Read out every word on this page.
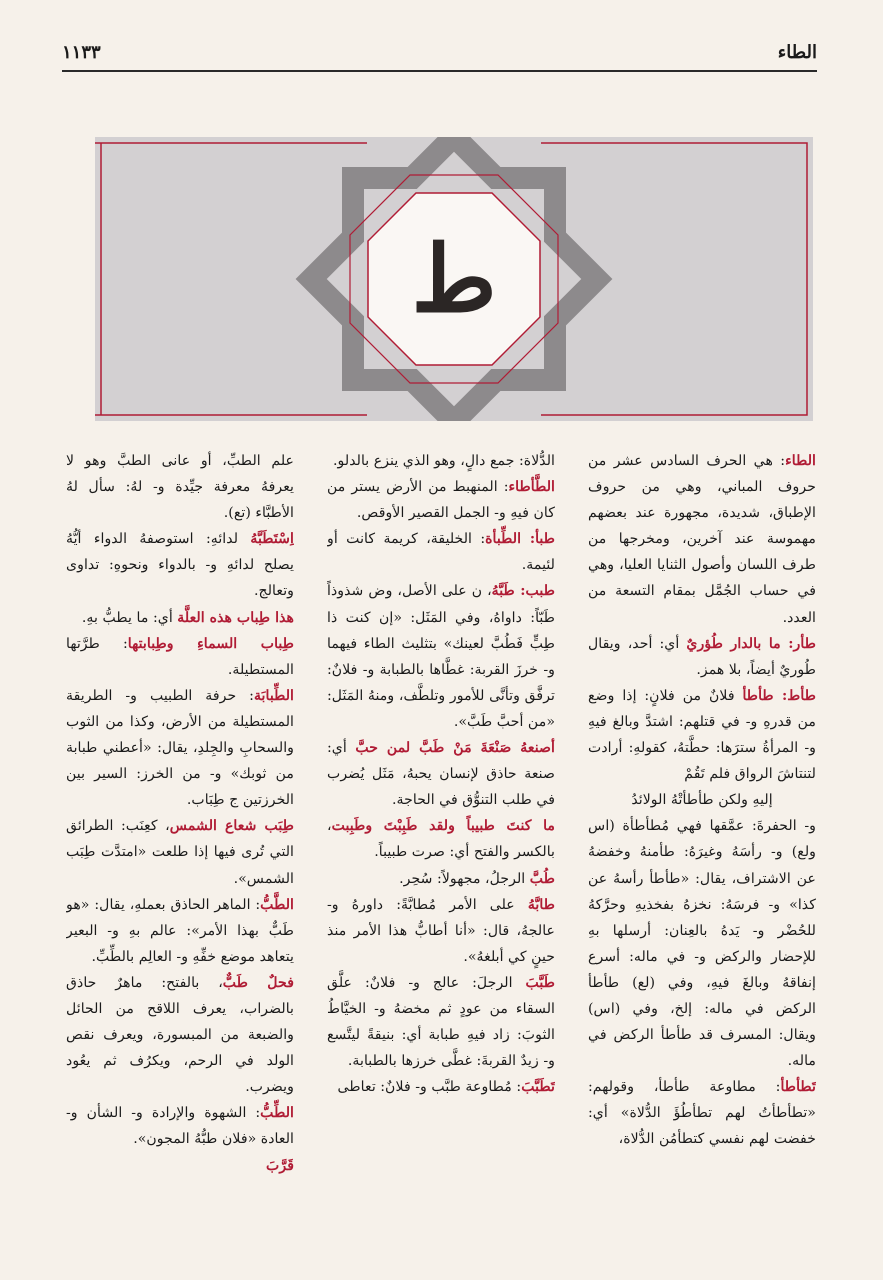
الطاء
١١٣٣
ط

الطاء: هي الحرف السادس عشر من حروف المباني، وهي من حروف الإطباق، شديدة، مجهورة عند بعضهم مهموسة عند آخرين، ومخرجها من طرف اللسان وأصول الثنايا العليا، وهي في حساب الجُمَّل بمقام التسعة من العدد.

طأر: ما بالدار طُؤريٌ أي: أحد، ويقال طُوريٌ أيضاً، بلا همز.

طأط: طأطأ فلانٌ من فلانٍ: إذا وضع من قدرهِ و- في قتلهم: اشتدَّ وبالغ فيهِ و- المرأةُ سترَها: حطَّتهُ، كقولهِ: أرادت لتنتاشَ الرواق فلم تَقُمْ

إليهِ ولكن طأطأتْهُ الولائدُ

و- الحفرةَ: عمَّقها فهي مُطأطأة (اس ولع) و- رأسَهُ وغيرَهُ: طأمنهُ وخفضهُ عن الاشتراف، يقال: «طأطأ رأسهُ عن كذا» و- فرسَهُ: نخزهُ بفخذيهِ وحرَّكهُ للحُضْر و- يَدهُ بالعِنان: أرسلها بهِ للإحضار والركض و- في ماله: أسرع إنفاقهُ وبالغَ فيهِ، وفي (لع) طأطأ الركض في ماله: إلخ، وفي (اس) ويقال: المسرف قد طأطأ الركض في ماله.

تَطأطأ: مطاوعة طأطأ، وقولهم: «تطأطأتُ لهم تطأطُؤَ الدُّلاة» أي: خفضت لهم نفسي كتطأمُن الدُّلاة،

الدُّلاة: جمع دالٍ، وهو الذي ينزع بالدلو.

الطَّأطاء: المنهبط من الأرض يستر من كان فيهِ و- الجمل القصير الأوقص.

طبأ: الطِّبأة: الخليقة، كريمة كانت أو لئيمة.

طبب: طَبَّهُ، ن على الأصل، وض شذوذاً طَبّاً: داواهُ، وفي المَثَل: «إن كنت ذا طِبٍّ فَطُبَّ لعينك» بتثليث الطاء فيهما و- خرزَ القربة: غطَّاها بالطبابة و- فلانٌ: ترفَّق وتأنَّى للأمور وتلطَّف، ومنهُ المَثَل: «من أحبَّ طَبَّ».

أصنعهُ صَنْعَةَ مَنْ طَبَّ لمن حبَّ أي: صنعة حاذق لإنسان يحبهُ، مَثَل يُضرب في طلب التنوُّق في الحاجة.

ما كنتَ طبيباً ولقد طَبِبْتَ وطَبِبت، بالكسر والفتح أي: صرت طبيباً.

طُبَّ الرجلُ، مجهولاً: سُحِر.

طابَّهُ على الأمر مُطابَّةً: داورهُ و- عالجهُ، قال: «أنا أطابُّ هذا الأمر منذ حينٍ كي أبلغهُ».

طَبَّبَ الرجلَ: عالج و- فلانٌ: علَّق السقاء من عودٍ ثم مخضهُ و- الخيَّاطُ الثوبَ: زاد فيهِ طبابة أي: بنيقةً ليتَّسع و- زيدٌ القربةَ: غطَّى خرزها بالطبابة.

تَطَبَّبَ: مُطاوعة طبَّب و- فلانٌ: تعاطى

علم الطبِّ، أو عانى الطبَّ وهو لا يعرفهُ معرفة جيِّدة و- لهُ: سأل لهُ الأطبَّاء (تع).

اِسْتَطَبَّهُ لدائهِ: استوصفهُ الدواء أيُّهُ يصلح لدائهِ و- بالدواء ونحوهِ: تداوى وتعالج.

هذا طِباب هذه العلَّة أي: ما يطبُّ بهِ.

طِباب السماءِ وطِبابتها: طرَّتها المستطيلة.

الطِّبابَة: حرفة الطبيب و- الطريقة المستطيلة من الأرض، وكذا من الثوب والسحابِ والجِلدِ، يقال: «أعطني طبابة من ثوبك» و- من الخرز: السير بين الخرزتين ج طِبَاب.

طِبَب شعاع الشمس، كعِنَب: الطرائق التي تُرى فيها إذا طلعت «امتدَّت طِبَب الشمس».

الطَّبُّ: الماهر الحاذق بعملهِ، يقال: «هو طَبٌّ بهذا الأمر»: عالم بهِ و- البعير يتعاهد موضع خفِّهِ و- العالِم بالطِّبِّ.

فحلٌ طَبٌّ، بالفتح: ماهرٌ حاذق بالضراب، يعرف اللاقح من الحائل والضبعة من المبسورة، ويعرف نقص الولد في الرحم، ويكرُف ثم يعُود ويضرب.

الطِّبُّ: الشهوة والإرادة و- الشأن و- العادة «فلان طبُّهُ المجون».

قَرَّبَ
